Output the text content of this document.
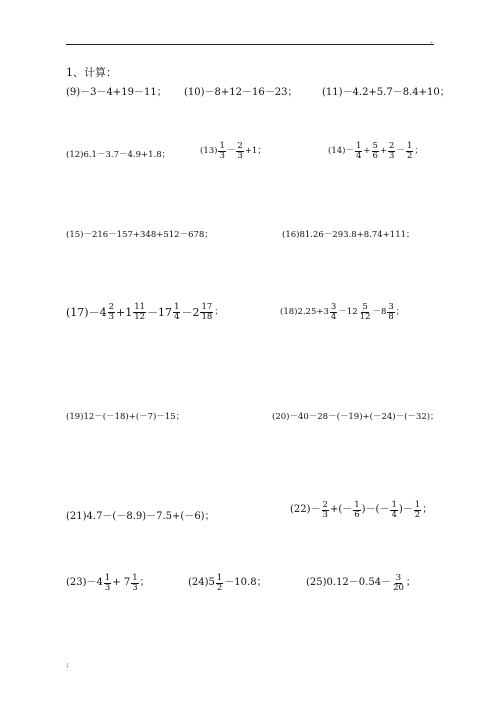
.
1、计算：
(9)－3－4+19－11； (10)－8+12－16－23； (11)－4.2+5.7－8.4+10；
(12)6.1－3.7－4.9+1.8；	$(13) \frac{1}{3} - \frac{2}{3} +1$；	$(14)- \frac{1}{4} + \frac{5}{6} + \frac{2}{3} - \frac{1}{2}$ ；
(15)－216－157+348+512－678；	(16)81.26－293.8+8.74+111；
$(17)-4 \frac{2}{3} +1 \frac{11}{12} -17 \frac{1}{4} -2 \frac{17}{18}$ ；	$(18)2.25+3 \frac{3}{4} -12 \frac{5}{12} -8 \frac{3}{8}$ ；
(19)12－(－18)+(－7)－15；	(20)－40－28－(－19)+(－24)－(－32)；
(21)4.7－(－8.9)－7.5+(－6)；
$(22)- \frac{2}{3}$ +(－ $\frac{1}{6}$ )－(－ $\frac{1}{4}$ )－ $\frac{1}{2}$ ；
$(23)-4 \frac{1}{3} + 7 \frac{1}{3}$ ；	$(24)5 \frac{1}{2} -10.8$；	$(25)0.12-0.54- \frac{3}{20}$ ；
:
